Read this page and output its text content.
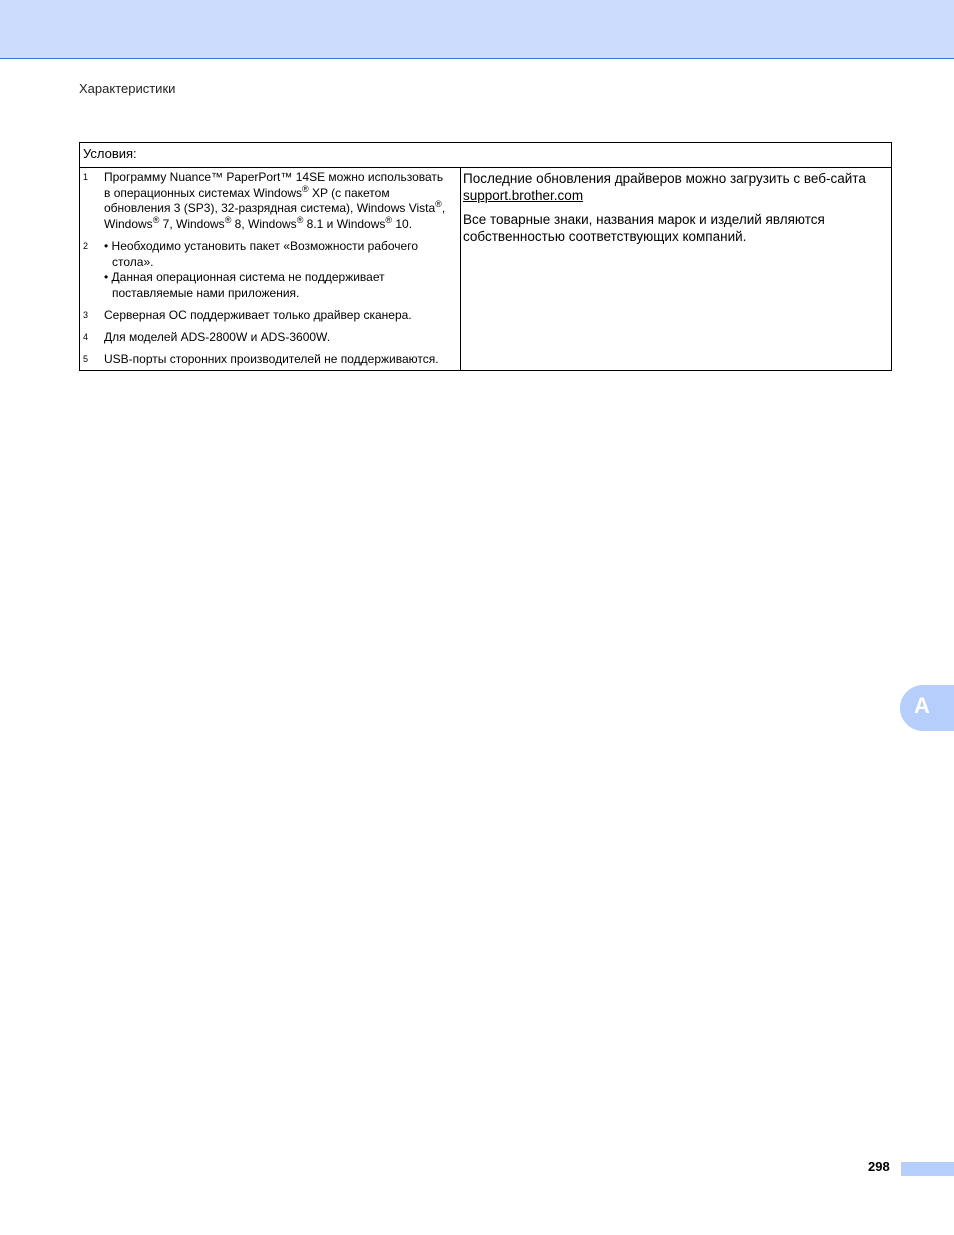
Характеристики
Условия:
1 Программу Nuance™ PaperPort™ 14SE можно использовать
в операционных системах Windows® XP (с пакетом
обновления 3 (SP3), 32-разрядная система), Windows Vista®,
Windows® 7, Windows® 8, Windows® 8.1 и Windows® 10.
2 • Необходимо установить пакет «Возможности рабочего стола».
• Данная операционная система не поддерживает поставляемые нами приложения.
3 Серверная ОС поддерживает только драйвер сканера.
4 Для моделей ADS-2800W и ADS-3600W.
5 USB-порты сторонних производителей не поддерживаются.

Последние обновления драйверов можно загрузить с веб-сайта
support.brother.com

Все товарные знаки, названия марок и изделий являются собственностью соответствующих компаний.

A
298
